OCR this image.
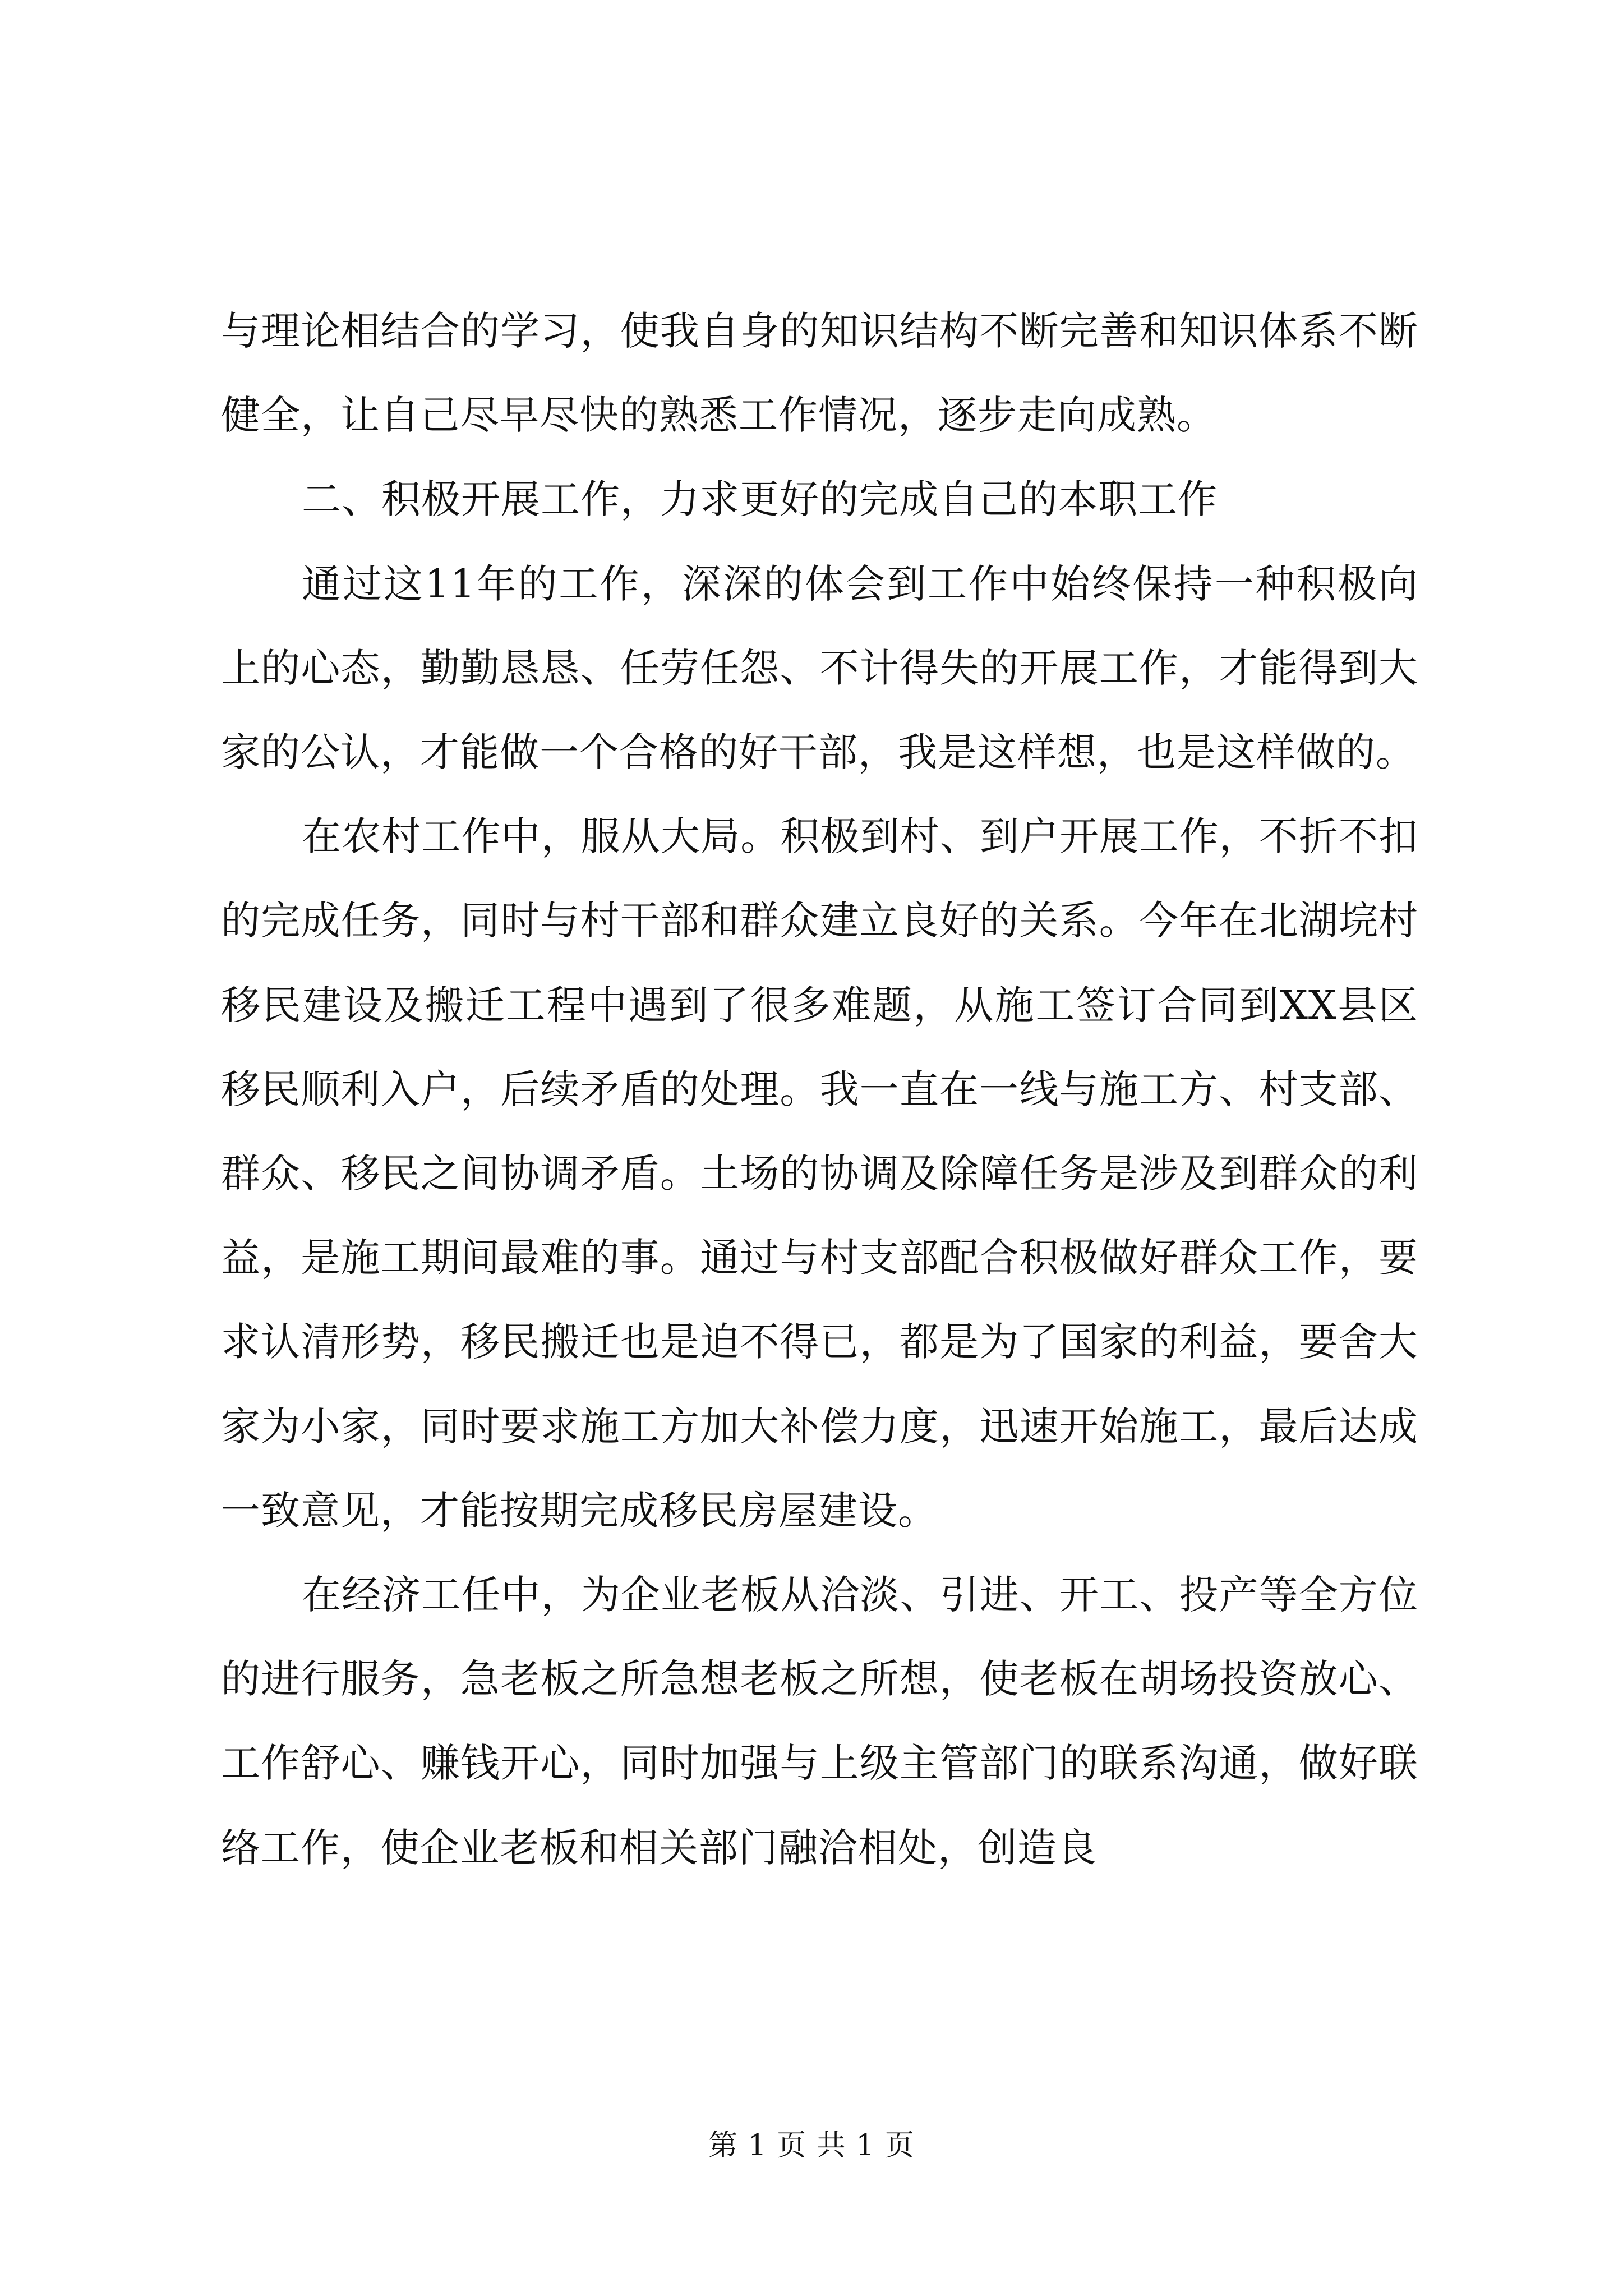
与理论相结合的学习，使我自身的知识结构不断完善和知识体系不断健全，让自己尽早尽快的熟悉工作情况，逐步走向成熟。

二、积极开展工作，力求更好的完成自己的本职工作

通过这11年的工作，深深的体会到工作中始终保持一种积极向上的心态，勤勤恳恳、任劳任怨、不计得失的开展工作，才能得到大家的公认，才能做一个合格的好干部，我是这样想，也是这样做的。

在农村工作中，服从大局。积极到村、到户开展工作，不折不扣的完成任务，同时与村干部和群众建立良好的关系。今年在北湖垸村移民建设及搬迁工程中遇到了很多难题，从施工签订合同到XX县区移民顺利入户，后续矛盾的处理。我一直在一线与施工方、村支部、群众、移民之间协调矛盾。土场的协调及除障任务是涉及到群众的利益，是施工期间最难的事。通过与村支部配合积极做好群众工作，要求认清形势，移民搬迁也是迫不得已，都是为了国家的利益，要舍大家为小家，同时要求施工方加大补偿力度，迅速开始施工，最后达成一致意见，才能按期完成移民房屋建设。

在经济工任中，为企业老板从洽淡、引进、开工、投产等全方位的进行服务，急老板之所急想老板之所想，使老板在胡场投资放心、工作舒心、赚钱开心，同时加强与上级主管部门的联系沟通，做好联络工作，使企业老板和相关部门融洽相处，创造良

第 1 页 共 1 页
